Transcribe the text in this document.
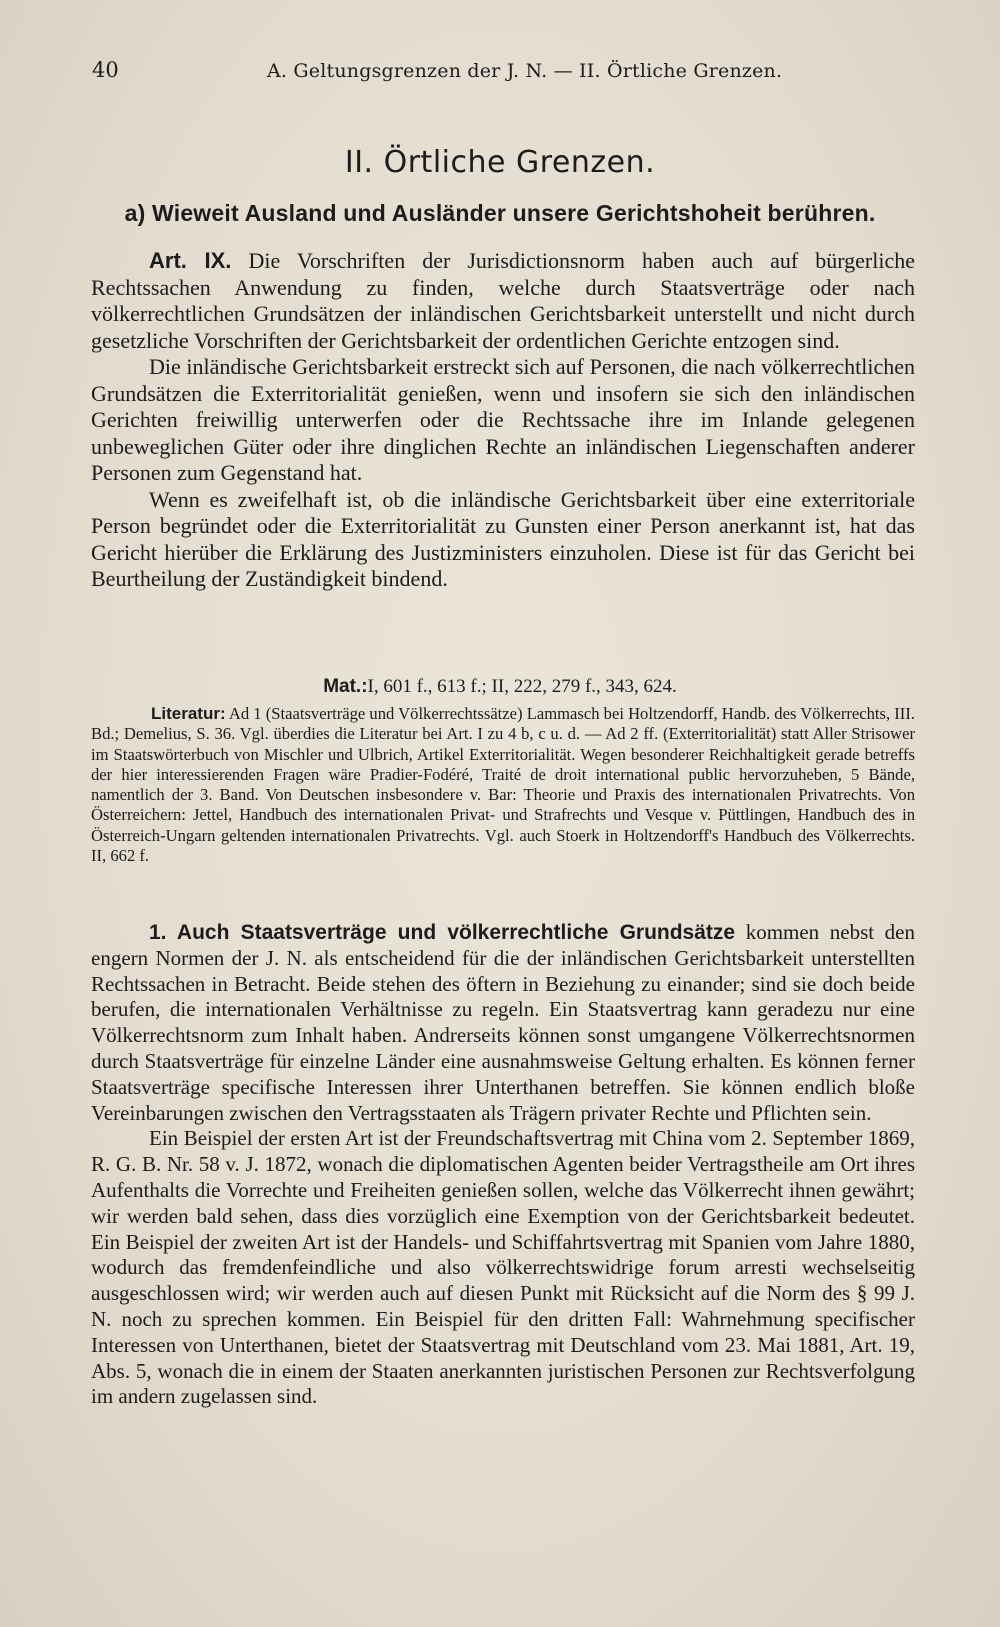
40	A. Geltungsgrenzen der J. N. — II. Örtliche Grenzen.
II. Örtliche Grenzen.
a) Wieweit Ausland und Ausländer unsere Gerichtshoheit berühren.

Art. IX. Die Vorschriften der Jurisdictionsnorm haben auch auf bürgerliche Rechtssachen Anwendung zu finden, welche durch Staatsverträge oder nach völkerrechtlichen Grundsätzen der inländischen Gerichtsbarkeit unterstellt und nicht durch gesetzliche Vorschriften der Gerichtsbarkeit der ordentlichen Gerichte entzogen sind.

Die inländische Gerichtsbarkeit erstreckt sich auf Personen, die nach völkerrechtlichen Grundsätzen die Exterritorialität genießen, wenn und insofern sie sich den inländischen Gerichten freiwillig unterwerfen oder die Rechtssache ihre im Inlande gelegenen unbeweglichen Güter oder ihre dinglichen Rechte an inländischen Liegenschaften anderer Personen zum Gegenstand hat.

Wenn es zweifelhaft ist, ob die inländische Gerichtsbarkeit über eine exterritoriale Person begründet oder die Exterritorialität zu Gunsten einer Person anerkannt ist, hat das Gericht hierüber die Erklärung des Justizministers einzuholen. Diese ist für das Gericht bei Beurtheilung der Zuständigkeit bindend.

Mat.:I, 601 f., 613 f.; II, 222, 279 f., 343, 624.

Literatur: Ad 1 (Staatsverträge und Völkerrechtssätze) Lammasch bei Holtzendorff, Handb. des Völkerrechts, III. Bd.; Demelius, S. 36. Vgl. überdies die Literatur bei Art. I zu 4 b, c u. d. — Ad 2 ff. (Exterritorialität) statt Aller Strisower im Staatswörterbuch von Mischler und Ulbrich, Artikel Exterritorialität. Wegen besonderer Reichhaltigkeit gerade betreffs der hier interessierenden Fragen wäre Pradier-Fodéré, Traité de droit international public hervorzuheben, 5 Bände, namentlich der 3. Band. Von Deutschen insbesondere v. Bar: Theorie und Praxis des internationalen Privatrechts. Von Österreichern: Jettel, Handbuch des internationalen Privat- und Strafrechts und Vesque v. Püttlingen, Handbuch des in Österreich-Ungarn geltenden internationalen Privatrechts. Vgl. auch Stoerk in Holtzendorff's Handbuch des Völkerrechts. II, 662 f.

1. Auch Staatsverträge und völkerrechtliche Grundsätze kommen nebst den engern Normen der J. N. als entscheidend für die der inländischen Gerichtsbarkeit unterstellten Rechtssachen in Betracht. Beide stehen des öftern in Beziehung zu einander; sind sie doch beide berufen, die internationalen Verhältnisse zu regeln. Ein Staatsvertrag kann geradezu nur eine Völkerrechtsnorm zum Inhalt haben. Andrerseits können sonst umgangene Völkerrechtsnormen durch Staatsverträge für einzelne Länder eine ausnahmsweise Geltung erhalten. Es können ferner Staatsverträge specifische Interessen ihrer Unterthanen betreffen. Sie können endlich bloße Vereinbarungen zwischen den Vertragsstaaten als Trägern privater Rechte und Pflichten sein.

Ein Beispiel der ersten Art ist der Freundschaftsvertrag mit China vom 2. September 1869, R. G. B. Nr. 58 v. J. 1872, wonach die diplomatischen Agenten beider Vertragstheile am Ort ihres Aufenthalts die Vorrechte und Freiheiten genießen sollen, welche das Völkerrecht ihnen gewährt; wir werden bald sehen, dass dies vorzüglich eine Exemption von der Gerichtsbarkeit bedeutet. Ein Beispiel der zweiten Art ist der Handels- und Schiffahrtsvertrag mit Spanien vom Jahre 1880, wodurch das fremdenfeindliche und also völkerrechtswidrige forum arresti wechselseitig ausgeschlossen wird; wir werden auch auf diesen Punkt mit Rücksicht auf die Norm des § 99 J. N. noch zu sprechen kommen. Ein Beispiel für den dritten Fall: Wahrnehmung specifischer Interessen von Unterthanen, bietet der Staatsvertrag mit Deutschland vom 23. Mai 1881, Art. 19, Abs. 5, wonach die in einem der Staaten anerkannten juristischen Personen zur Rechtsverfolgung im andern zugelassen sind.
